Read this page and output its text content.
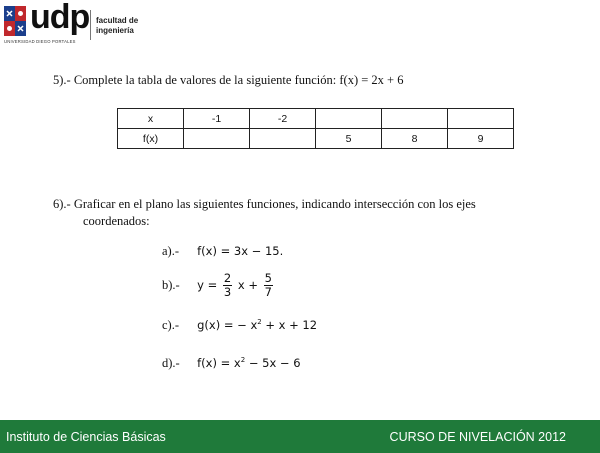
udp
UNIVERSIDAD DIEGO PORTALES
facultad de
ingeniería
5).- Complete la tabla de valores de la siguiente función: f(x) = 2x + 6
x	-1	-2			
f(x)			5	8	9
6).- Graficar en el plano las siguientes funciones, indicando intersección con los ejes
coordenados:
a).- f(x) = 3x − 15.
b).- $y = \frac{2}{3}$ $x + \frac{5}{7}$
c).- g(x) = − $x^2 + x + 12$
d).- $f(x) = x^2 - 5x - 6$
Instituto de Ciencias Básicas	CURSO DE NIVELACIÓN 2012
